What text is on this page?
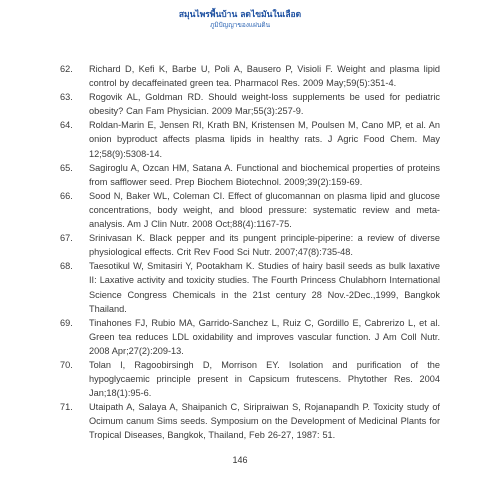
สมุนไพรพื้นบ้าน ลดไขมันในเลือด
ภูมิปัญญาของแผ่นดิน
62. Richard D, Kefi K, Barbe U, Poli A, Bausero P, Visioli F. Weight and plasma lipid control by decaffeinated green tea. Pharmacol Res. 2009 May;59(5):351-4.
63. Rogovik AL, Goldman RD. Should weight-loss supplements be used for pediatric obesity? Can Fam Physician. 2009 Mar;55(3):257-9.
64. Roldan-Marin E, Jensen RI, Krath BN, Kristensen M, Poulsen M, Cano MP, et al. An onion byproduct affects plasma lipids in healthy rats. J Agric Food Chem. May 12;58(9):5308-14.
65. Sagiroglu A, Ozcan HM, Satana A. Functional and biochemical properties of proteins from safflower seed. Prep Biochem Biotechnol. 2009;39(2):159-69.
66. Sood N, Baker WL, Coleman CI. Effect of glucomannan on plasma lipid and glucose concentrations, body weight, and blood pressure: systematic review and meta-analysis. Am J Clin Nutr. 2008 Oct;88(4):1167-75.
67. Srinivasan K. Black pepper and its pungent principle-piperine: a review of diverse physiological effects. Crit Rev Food Sci Nutr. 2007;47(8):735-48.
68. Taesotikul W, Smitasiri Y, Pootakham K. Studies of hairy basil seeds as bulk laxative II: Laxative activity and toxicity studies. The Fourth Princess Chulabhorn International Science Congress Chemicals in the 21st century 28 Nov.-2Dec.,1999, Bangkok Thailand.
69. Tinahones FJ, Rubio MA, Garrido-Sanchez L, Ruiz C, Gordillo E, Cabrerizo L, et al. Green tea reduces LDL oxidability and improves vascular function. J Am Coll Nutr. 2008 Apr;27(2):209-13.
70. Tolan I, Ragoobirsingh D, Morrison EY. Isolation and purification of the hypoglycaemic principle present in Capsicum frutescens. Phytother Res. 2004 Jan;18(1):95-6.
71. Utaipath A, Salaya A, Shaipanich C, Siripraiwan S, Rojanapandh P. Toxicity study of Ocimum canum Sims seeds. Symposium on the Development of Medicinal Plants for Tropical Diseases, Bangkok, Thailand, Feb 26-27, 1987: 51.
146
